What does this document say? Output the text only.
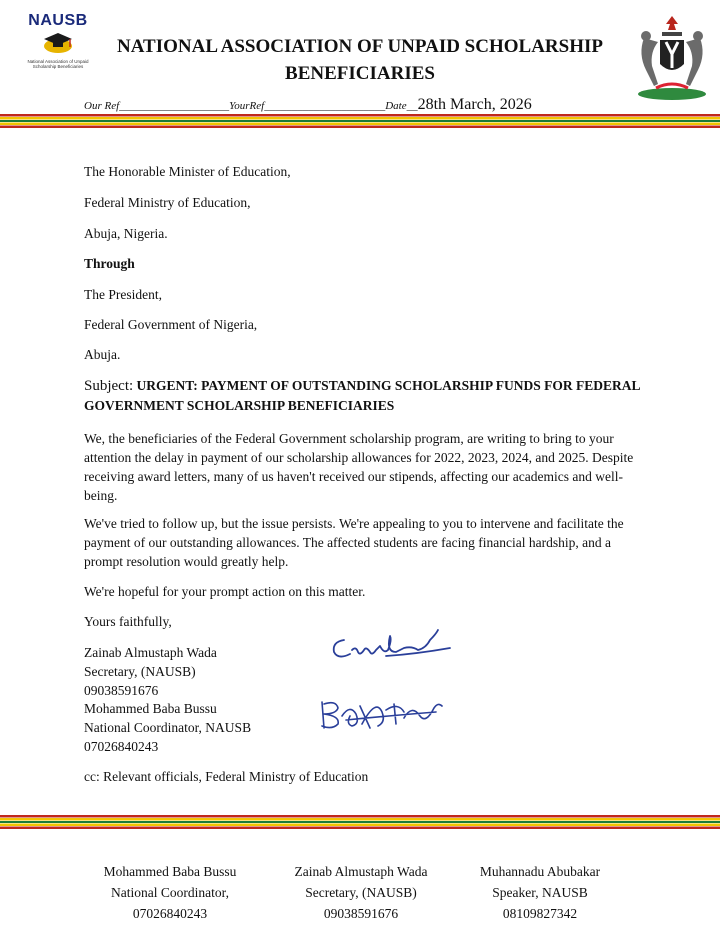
NAUSB
National Association of Unpaid
Scholarship Beneficiaries
NATIONAL ASSOCIATION OF UNPAID SCHOLARSHIP BENEFICIARIES
Our Ref____________________YourRef______________________Date__28th March, 2026
The Honorable Minister of Education,
Federal Ministry of Education,
Abuja, Nigeria.
Through
The President,
Federal Government of Nigeria,
Abuja.
Subject: URGENT: PAYMENT OF OUTSTANDING SCHOLARSHIP FUNDS FOR FEDERAL GOVERNMENT SCHOLARSHIP BENEFICIARIES
We, the beneficiaries of the Federal Government scholarship program, are writing to bring to your attention the delay in payment of our scholarship allowances for 2022, 2023, 2024, and 2025. Despite receiving award letters, many of us haven't received our stipends, affecting our academics and well-being.
We've tried to follow up, but the issue persists. We're appealing to you to intervene and facilitate the payment of our outstanding allowances. The affected students are facing financial hardship, and a prompt resolution would greatly help.
We're hopeful for your prompt action on this matter.
Yours faithfully,
Zainab Almustaph Wada
Secretary, (NAUSB)
09038591676
Mohammed Baba Bussu
National Coordinator, NAUSB
07026840243
cc: Relevant officials, Federal Ministry of Education
Mohammed Baba Bussu
National Coordinator,
07026840243
Zainab Almustaph Wada
Secretary, (NAUSB)
09038591676
Muhannadu Abubakar
Speaker, NAUSB
08109827342
